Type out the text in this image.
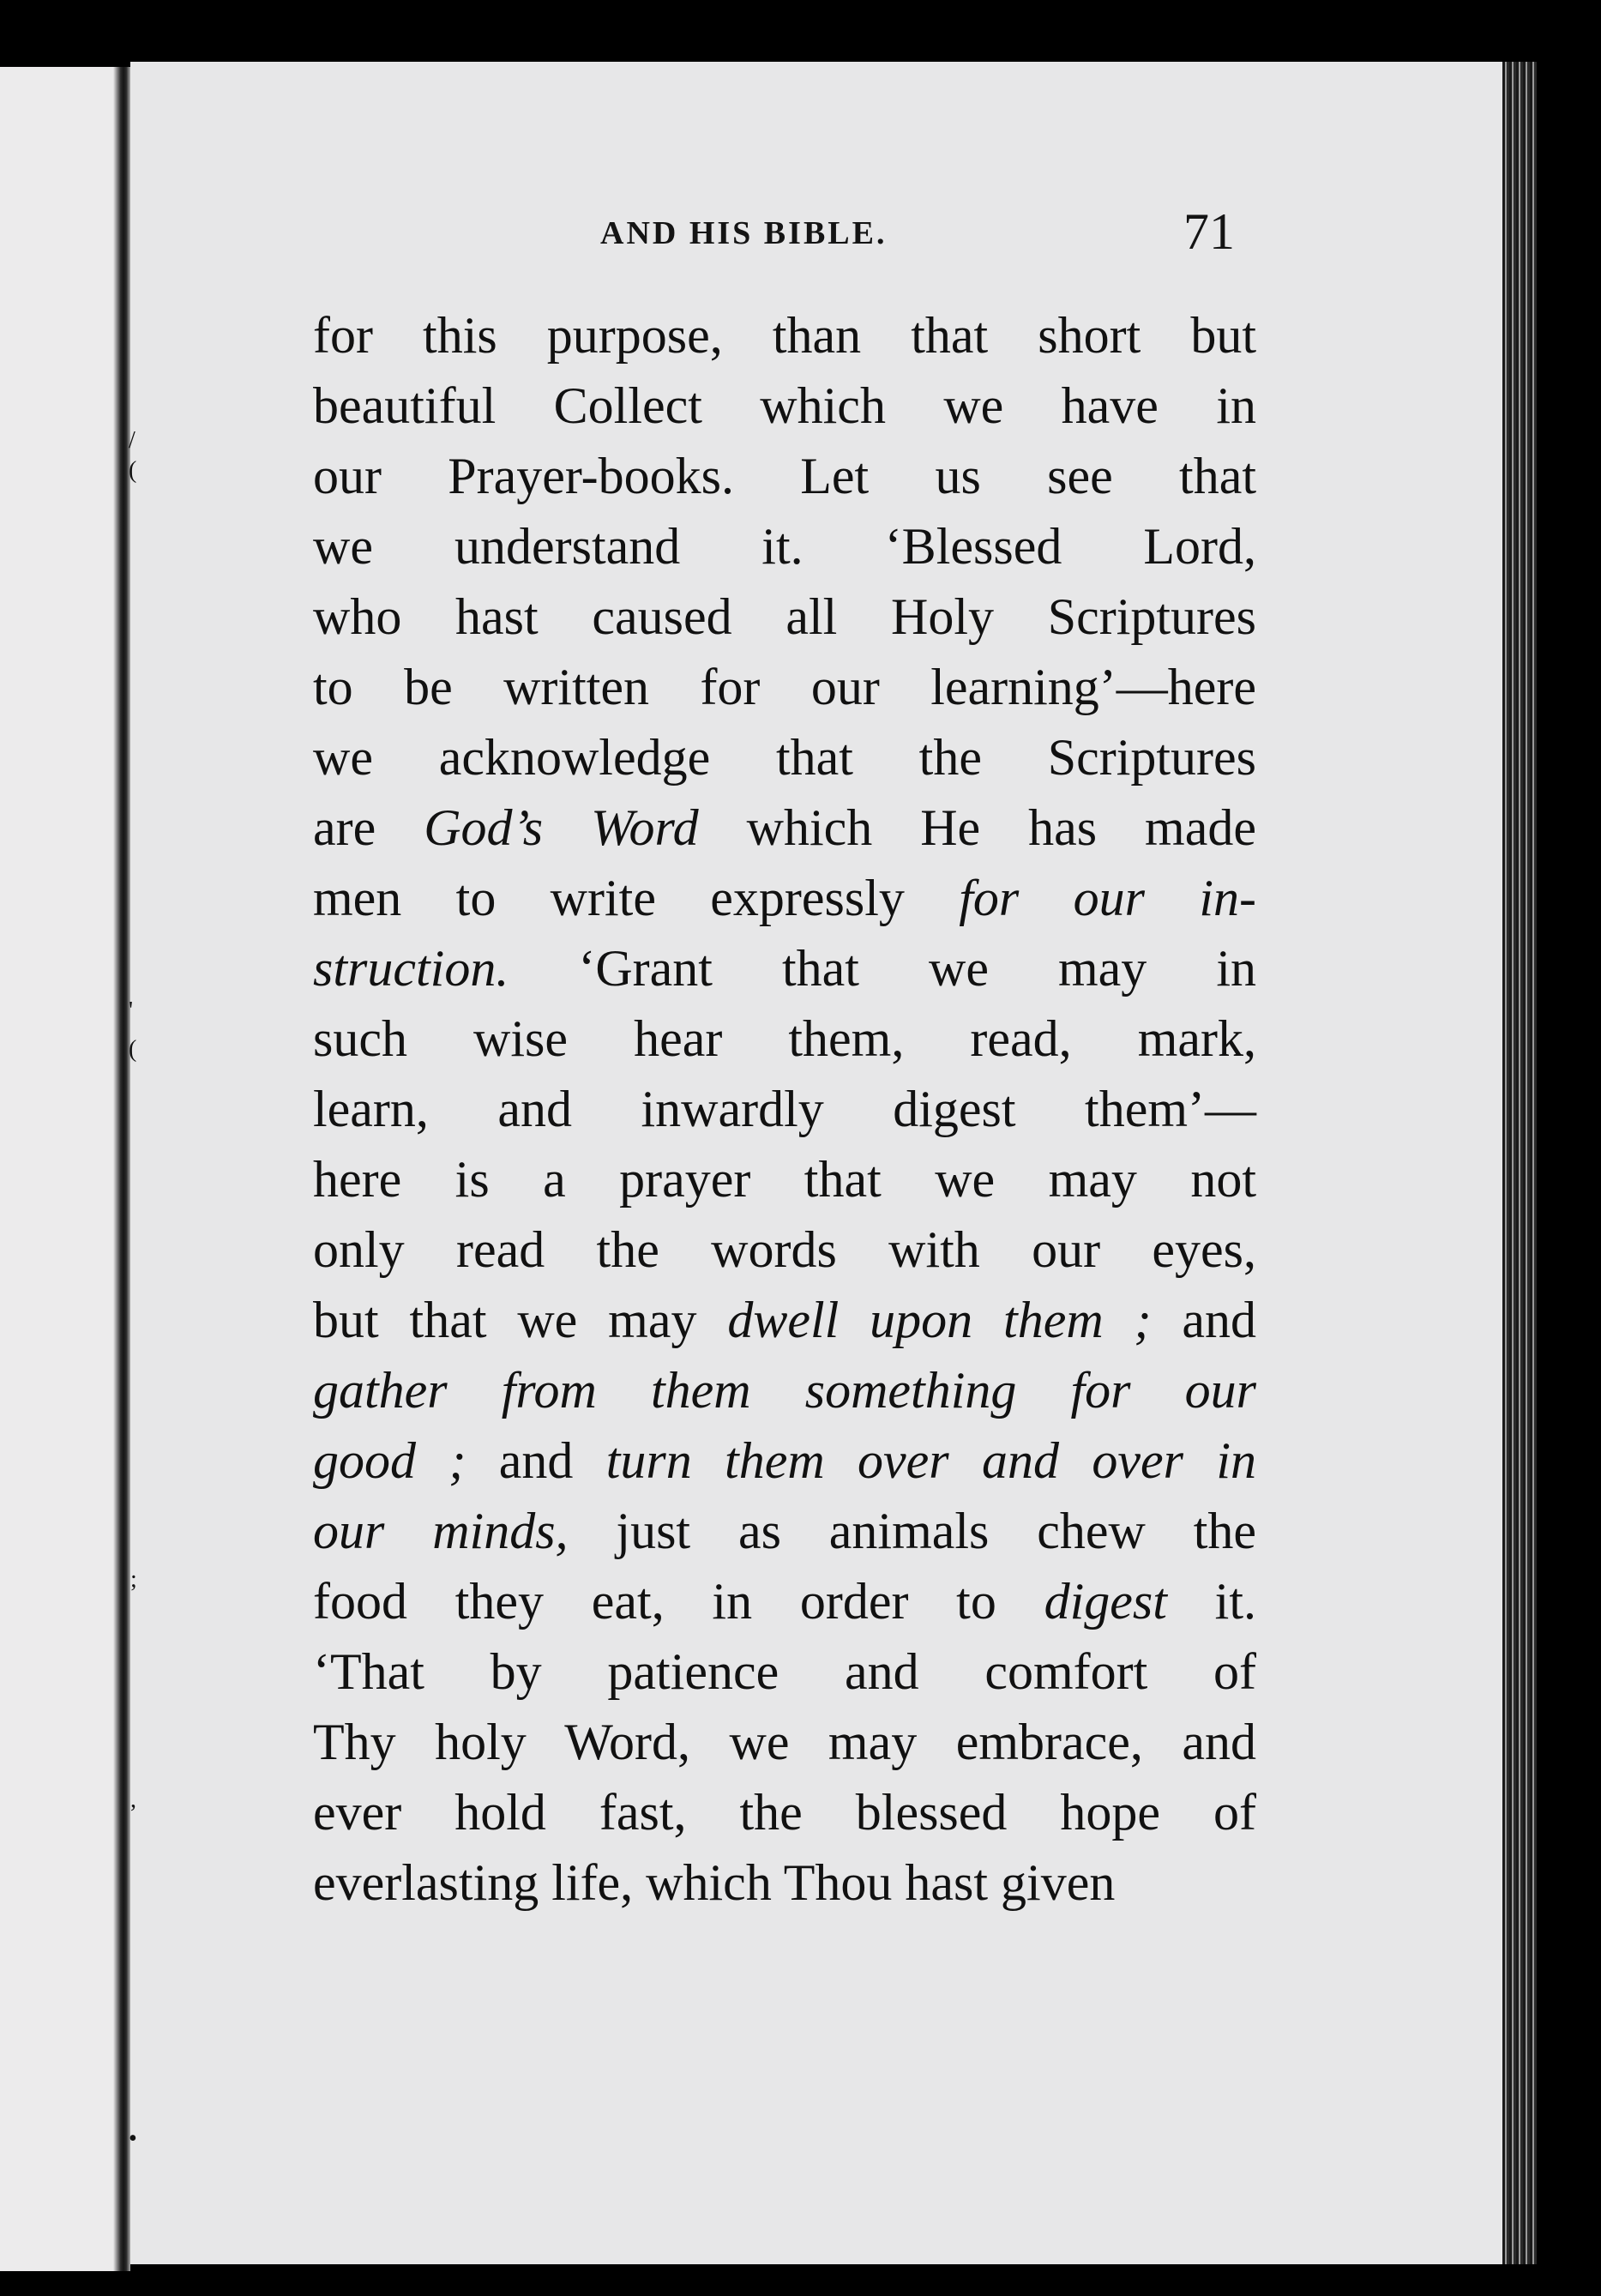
/
(
'
(
;
,
•
AND HIS BIBLE.	71
for this purpose, than that short but
beautiful Collect which we have in
our Prayer-books. Let us see that
we understand it. ‘Blessed Lord,
who hast caused all Holy Scriptures
to be written for our learning’—here
we acknowledge that the Scriptures
are God’s Word which He has made
men to write expressly for our in-
struction. ‘Grant that we may in
such wise hear them, read, mark,
learn, and inwardly digest them’—
here is a prayer that we may not
only read the words with our eyes,
but that we may dwell upon them ; and
gather from them something for our
good ; and turn them over and over in
our minds, just as animals chew the
food they eat, in order to digest it.
‘That by patience and comfort of
Thy holy Word, we may embrace, and
ever hold fast, the blessed hope of
everlasting life, which Thou hast given
